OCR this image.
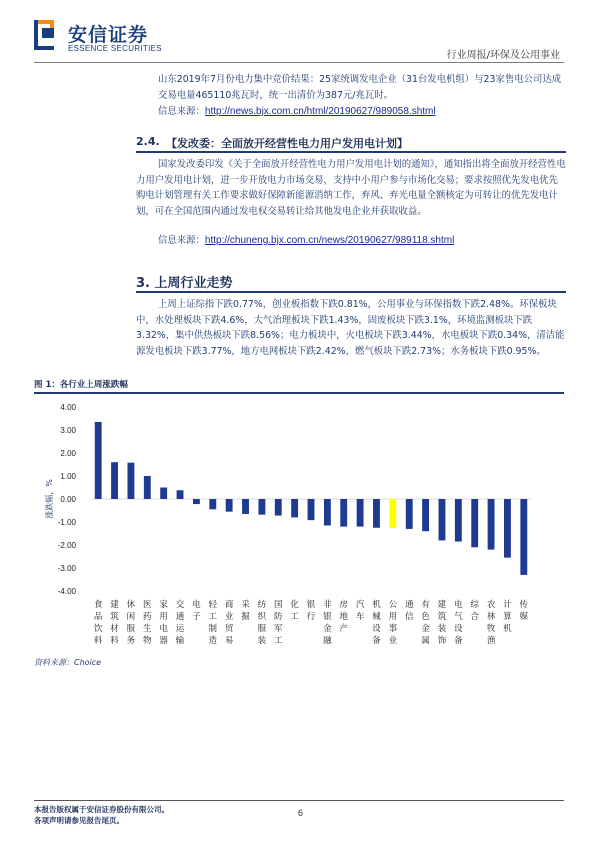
安信证券
ESSENCE SECURITIES
行业周报/环保及公用事业
山东2019年7月份电力集中竞价结果：25家统调发电企业（31台发电机组）与23家售电公司达成交易电量465110兆瓦时，统一出清价为387元/兆瓦时。
信息来源：http://news.bjx.com.cn/html/20190627/989058.shtml
2.4. 【发改委：全面放开经营性电力用户发用电计划】
国家发改委印发《关于全面放开经营性电力用户发用电计划的通知》，通知指出将全面放开经营性电力用户发用电计划，进一步开放电力市场交易，支持中小用户参与市场化交易；要求按照优先发电优先购电计划管理有关工作要求做好保障新能源消纳工作，弃风、弃光电量全额核定为可转让的优先发电计划，可在全国范围内通过发电权交易转让给其他发电企业并获取收益。
信息来源：http://chuneng.bjx.com.cn/news/20190627/989118.shtml
3. 上周行业走势
上周上证综指下跌0.77%，创业板指数下跌0.81%，公用事业与环保指数下跌2.48%。环保板块中，水处理板块下跌4.6%，大气治理板块下跌1.43%，固废板块下跌3.1%，环境监测板块下跌3.32%，集中供热板块下跌8.56%；电力板块中，火电板块下跌3.44%，水电板块下跌0.34%，清洁能源发电板块下跌3.77%，地方电网板块下跌2.42%，燃气板块下跌2.73%；水务板块下跌0.95%。
图 1：各行业上周涨跌幅
4.00
3.00
2.00
1.00
0.00
-1.00
-2.00
-3.00
-4.00
食品饮料
建筑材料
休闲服务
医药生物
家用电器
交通运输
电子
轻工制造
商业贸易
采掘
纺织服装
国防军工
化工
银行
非银金融
房地产
汽车
机械设备
公用事业
通信
有色金属
建筑装饰
电气设备
综合
农林牧渔
计算机
传媒
涨跌幅，%
资料来源：Choice
本报告版权属于安信证券股份有限公司。
各项声明请参见报告尾页。
6
